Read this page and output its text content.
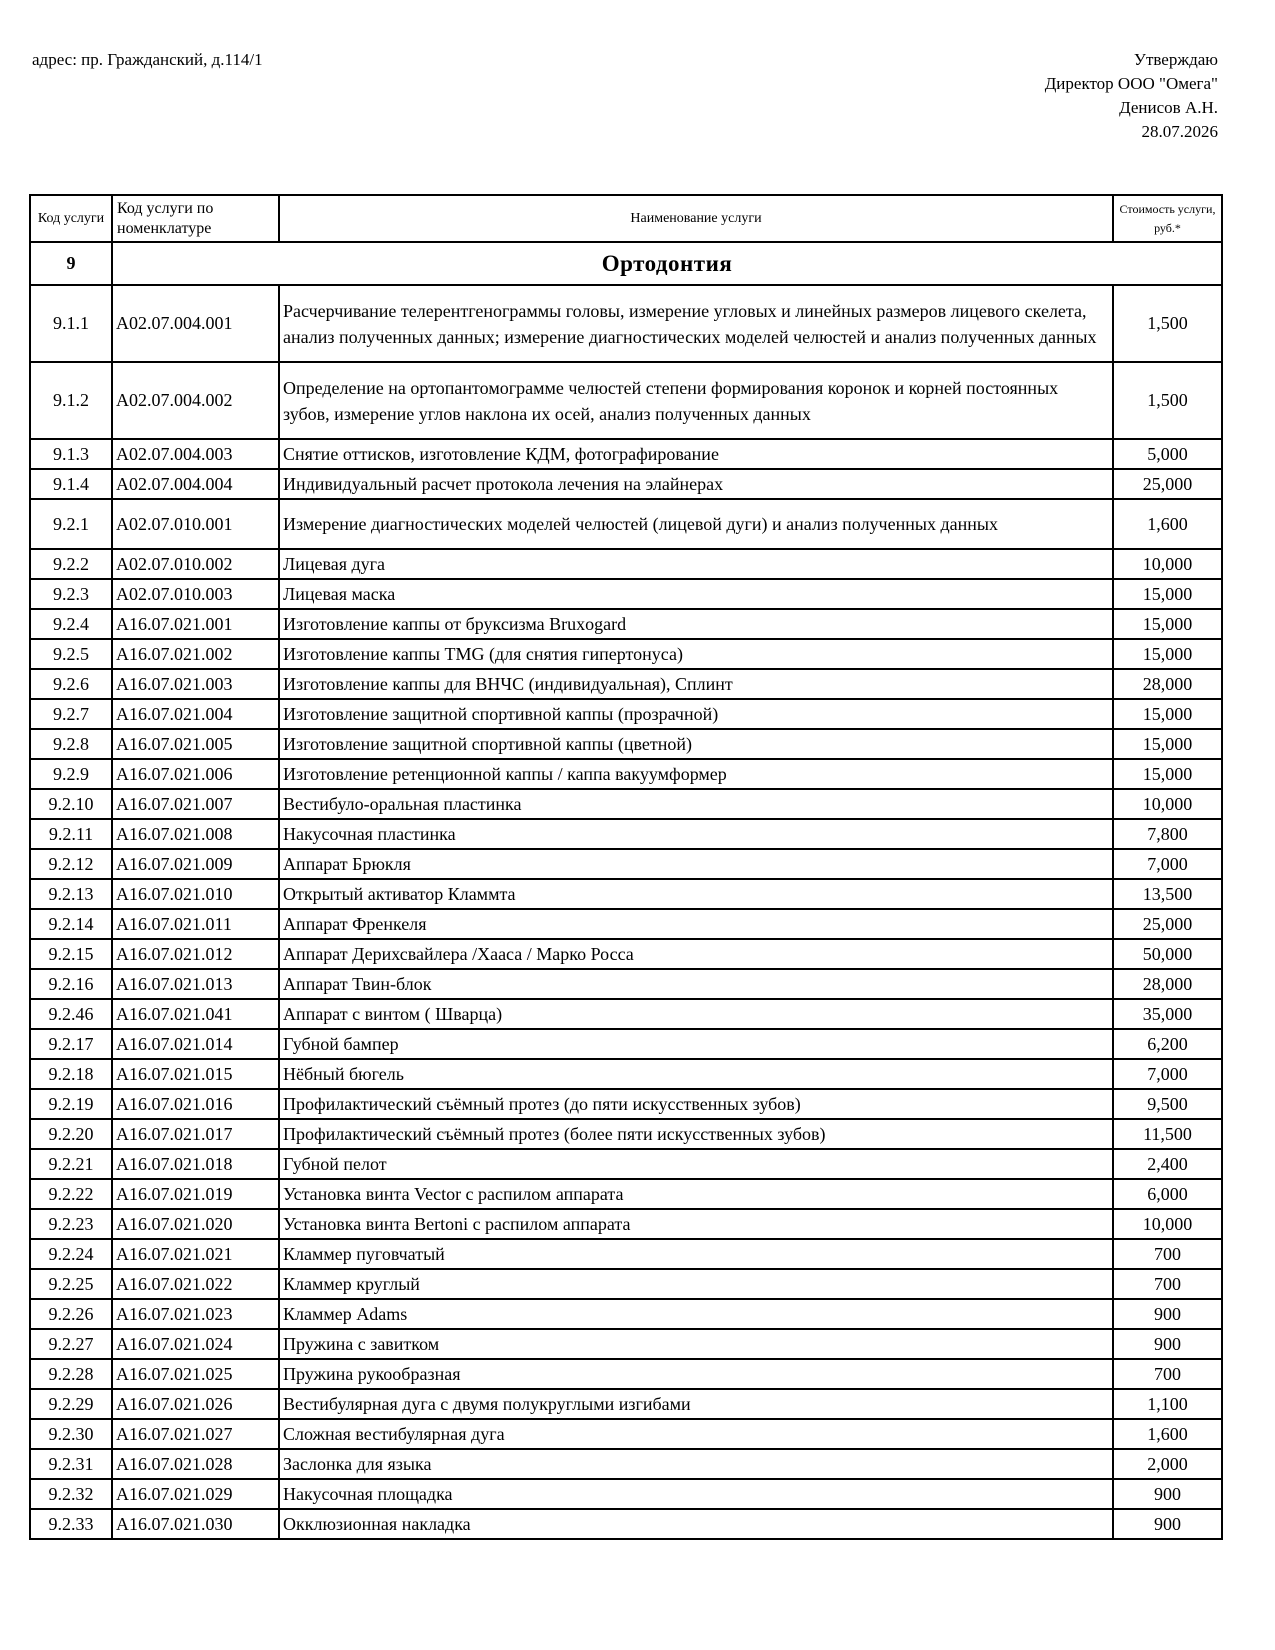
адрес: пр. Гражданский, д.114/1	Утверждаю
Директор ООО "Омега"
Денисов А.Н.
28.07.2026
Код услуги	Код услуги по номенклатуре	Наименование услуги	Стоимость услуги, руб.*
9	Ортодонтия		
9.1.1	A02.07.004.001	Расчерчивание телерентгенограммы головы, измерение угловых и линейных размеров лицевого скелета, анализ полученных данных; измерение диагностических моделей челюстей и анализ полученных данных	1,500
9.1.2	A02.07.004.002	Определение на ортопантомограмме челюстей степени формирования коронок и корней постоянных зубов, измерение углов наклона их осей, анализ полученных данных	1,500
9.1.3	A02.07.004.003	Снятие оттисков, изготовление КДМ, фотографирование	5,000
9.1.4	A02.07.004.004	Индивидуальный расчет протокола лечения на элайнерах	25,000
9.2.1	A02.07.010.001	Измерение диагностических моделей челюстей (лицевой дуги) и анализ полученных данных	1,600
9.2.2	A02.07.010.002	Лицевая дуга	10,000
9.2.3	A02.07.010.003	Лицевая маска	15,000
9.2.4	A16.07.021.001	Изготовление каппы от бруксизма Bruxogard	15,000
9.2.5	A16.07.021.002	Изготовление каппы TMG (для снятия гипертонуса)	15,000
9.2.6	A16.07.021.003	Изготовление каппы для ВНЧС (индивидуальная), Сплинт	28,000
9.2.7	A16.07.021.004	Изготовление защитной спортивной каппы (прозрачной)	15,000
9.2.8	A16.07.021.005	Изготовление защитной спортивной каппы (цветной)	15,000
9.2.9	A16.07.021.006	Изготовление ретенционной каппы / каппа вакуумформер	15,000
9.2.10	A16.07.021.007	Вестибуло-оральная пластинка	10,000
9.2.11	A16.07.021.008	Накусочная пластинка	7,800
9.2.12	A16.07.021.009	Аппарат Брюкля	7,000
9.2.13	A16.07.021.010	Открытый активатор Кламмта	13,500
9.2.14	A16.07.021.011	Аппарат Френкеля	25,000
9.2.15	A16.07.021.012	Аппарат Дерихсвайлера /Хааса / Марко Росса	50,000
9.2.16	A16.07.021.013	Аппарат Твин-блок	28,000
9.2.46	A16.07.021.041	Аппарат с винтом ( Шварца)	35,000
9.2.17	A16.07.021.014	Губной бампер	6,200
9.2.18	A16.07.021.015	Нёбный бюгель	7,000
9.2.19	A16.07.021.016	Профилактический съёмный протез (до пяти искусственных зубов)	9,500
9.2.20	A16.07.021.017	Профилактический съёмный протез (более пяти искусственных зубов)	11,500
9.2.21	A16.07.021.018	Губной пелот	2,400
9.2.22	A16.07.021.019	Установка винта Vector с распилом аппарата	6,000
9.2.23	A16.07.021.020	Установка винта Bertoni с распилом аппарата	10,000
9.2.24	A16.07.021.021	Кламмер пуговчатый	700
9.2.25	A16.07.021.022	Кламмер круглый	700
9.2.26	A16.07.021.023	Кламмер Adams	900
9.2.27	A16.07.021.024	Пружина с завитком	900
9.2.28	A16.07.021.025	Пружина рукообразная	700
9.2.29	A16.07.021.026	Вестибулярная дуга с двумя полукруглыми изгибами	1,100
9.2.30	A16.07.021.027	Сложная вестибулярная дуга	1,600
9.2.31	A16.07.021.028	Заслонка для языка	2,000
9.2.32	A16.07.021.029	Накусочная площадка	900
9.2.33	A16.07.021.030	Окклюзионная накладка	900
